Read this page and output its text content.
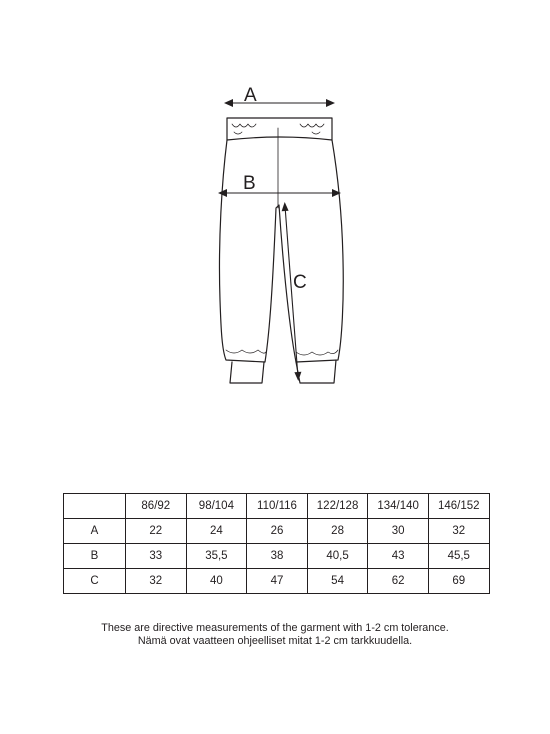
A
B
C
	86/92	98/104	110/116	122/128	134/140	146/152
A	22	24	26	28	30	32
B	33	35,5	38	40,5	43	45,5
C	32	40	47	54	62	69
These are directive measurements of the garment with 1-2 cm tolerance.
Nämä ovat vaatteen ohjeelliset mitat 1-2 cm tarkkuudella.
